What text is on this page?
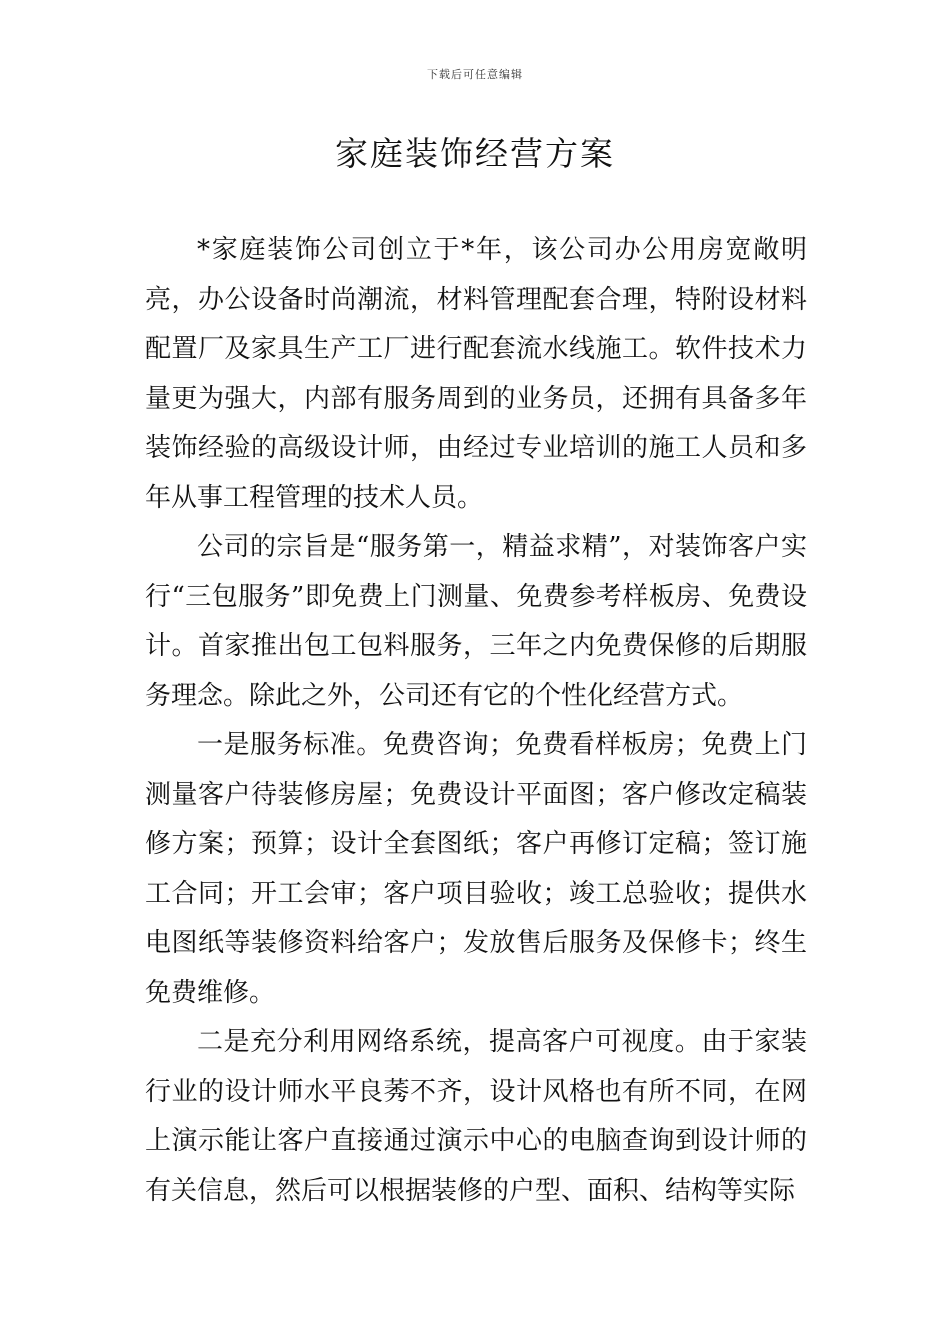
下载后可任意编辑
家庭装饰经营方案

*家庭装饰公司创立于*年，该公司办公用房宽敞明亮，办公设备时尚潮流，材料管理配套合理，特附设材料配置厂及家具生产工厂进行配套流水线施工。软件技术力量更为强大，内部有服务周到的业务员，还拥有具备多年装饰经验的高级设计师，由经过专业培训的施工人员和多年从事工程管理的技术人员。

公司的宗旨是“服务第一，精益求精”，对装饰客户实行“三包服务”即免费上门测量、免费参考样板房、免费设计。首家推出包工包料服务，三年之内免费保修的后期服务理念。除此之外，公司还有它的个性化经营方式。

一是服务标准。免费咨询；免费看样板房；免费上门测量客户待装修房屋；免费设计平面图；客户修改定稿装修方案；预算；设计全套图纸；客户再修订定稿；签订施工合同；开工会审；客户项目验收；竣工总验收；提供水电图纸等装修资料给客户；发放售后服务及保修卡；终生免费维修。

二是充分利用网络系统，提高客户可视度。由于家装行业的设计师水平良莠不齐，设计风格也有所不同，在网上演示能让客户直接通过演示中心的电脑查询到设计师的有关信息，然后可以根据装修的户型、面积、结构等实际
